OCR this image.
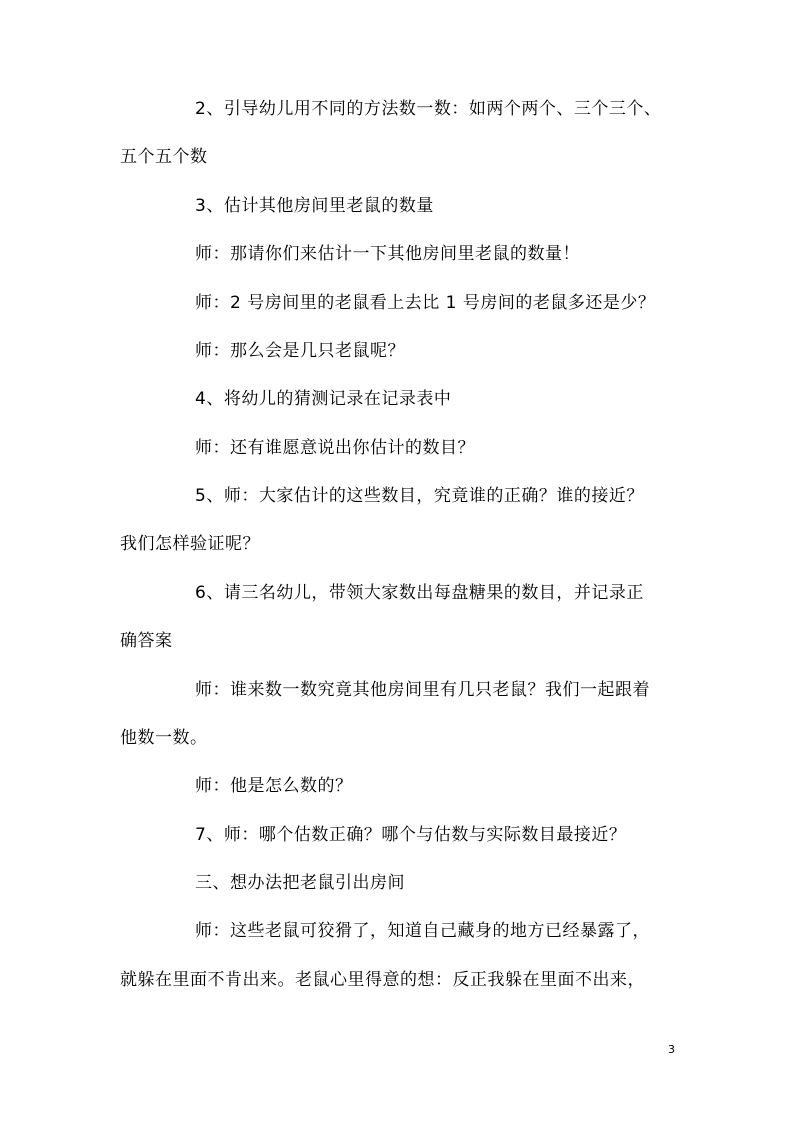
2、引导幼儿用不同的方法数一数：如两个两个、三个三个、
五个五个数
3、估计其他房间里老鼠的数量
师：那请你们来估计一下其他房间里老鼠的数量！
师：2 号房间里的老鼠看上去比 1 号房间的老鼠多还是少？
师：那么会是几只老鼠呢？
4、将幼儿的猜测记录在记录表中
师：还有谁愿意说出你估计的数目？
5、师：大家估计的这些数目，究竟谁的正确？谁的接近？
我们怎样验证呢？
6、请三名幼儿，带领大家数出每盘糖果的数目，并记录正
确答案
师：谁来数一数究竟其他房间里有几只老鼠？我们一起跟着
他数一数。
师：他是怎么数的？
7、师：哪个估数正确？哪个与估数与实际数目最接近？
三、想办法把老鼠引出房间
师：这些老鼠可狡猾了，知道自己藏身的地方已经暴露了，
就躲在里面不肯出来。老鼠心里得意的想：反正我躲在里面不出来，
3
